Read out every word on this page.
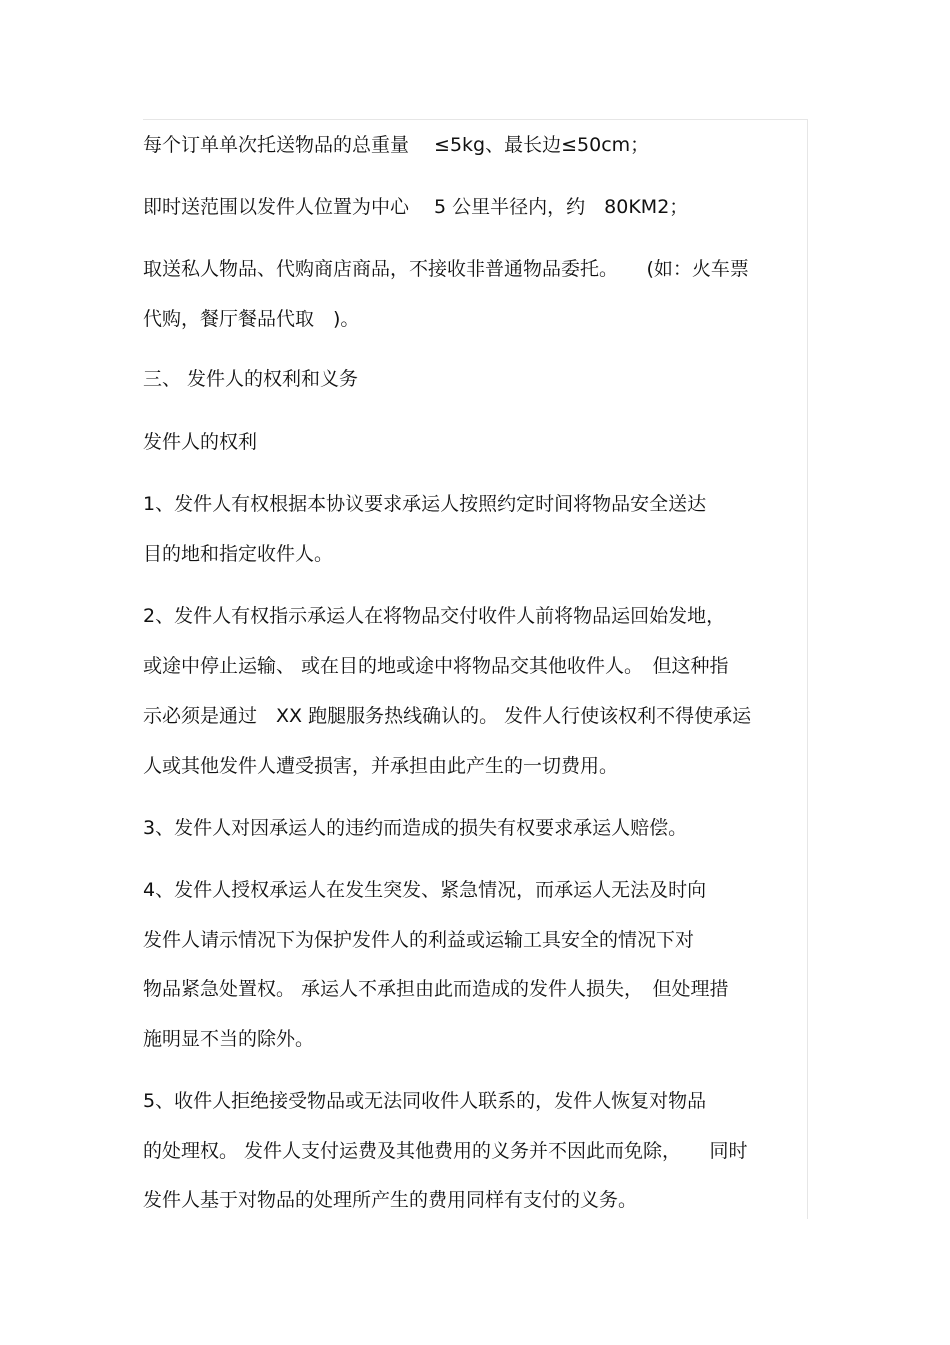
每个订单单次托送物品的总重量　 ≤5kg、最长边≤50cm；
即时送范围以发件人位置为中心　 5 公里半径内，约　80KM2；
取送私人物品、代购商店商品，不接收非普通物品委托。　　(如：火车票
代购，餐厅餐品代取　)。
三、 发件人的权利和义务
发件人的权利
1、发件人有权根据本协议要求承运人按照约定时间将物品安全送达
目的地和指定收件人。
2、发件人有权指示承运人在将物品交付收件人前将物品运回始发地，
或途中停止运输、 或在目的地或途中将物品交其他收件人。　但这种指
示必须是通过　XX 跑腿服务热线确认的。 发件人行使该权利不得使承运
人或其他发件人遭受损害，并承担由此产生的一切费用。
3、发件人对因承运人的违约而造成的损失有权要求承运人赔偿。
4、发件人授权承运人在发生突发、紧急情况，而承运人无法及时向
发件人请示情况下为保护发件人的利益或运输工具安全的情况下对
物品紧急处置权。 承运人不承担由此而造成的发件人损失，　但处理措
施明显不当的除外。
5、收件人拒绝接受物品或无法同收件人联系的，发件人恢复对物品
的处理权。 发件人支付运费及其他费用的义务并不因此而免除，　　同时
发件人基于对物品的处理所产生的费用同样有支付的义务。
